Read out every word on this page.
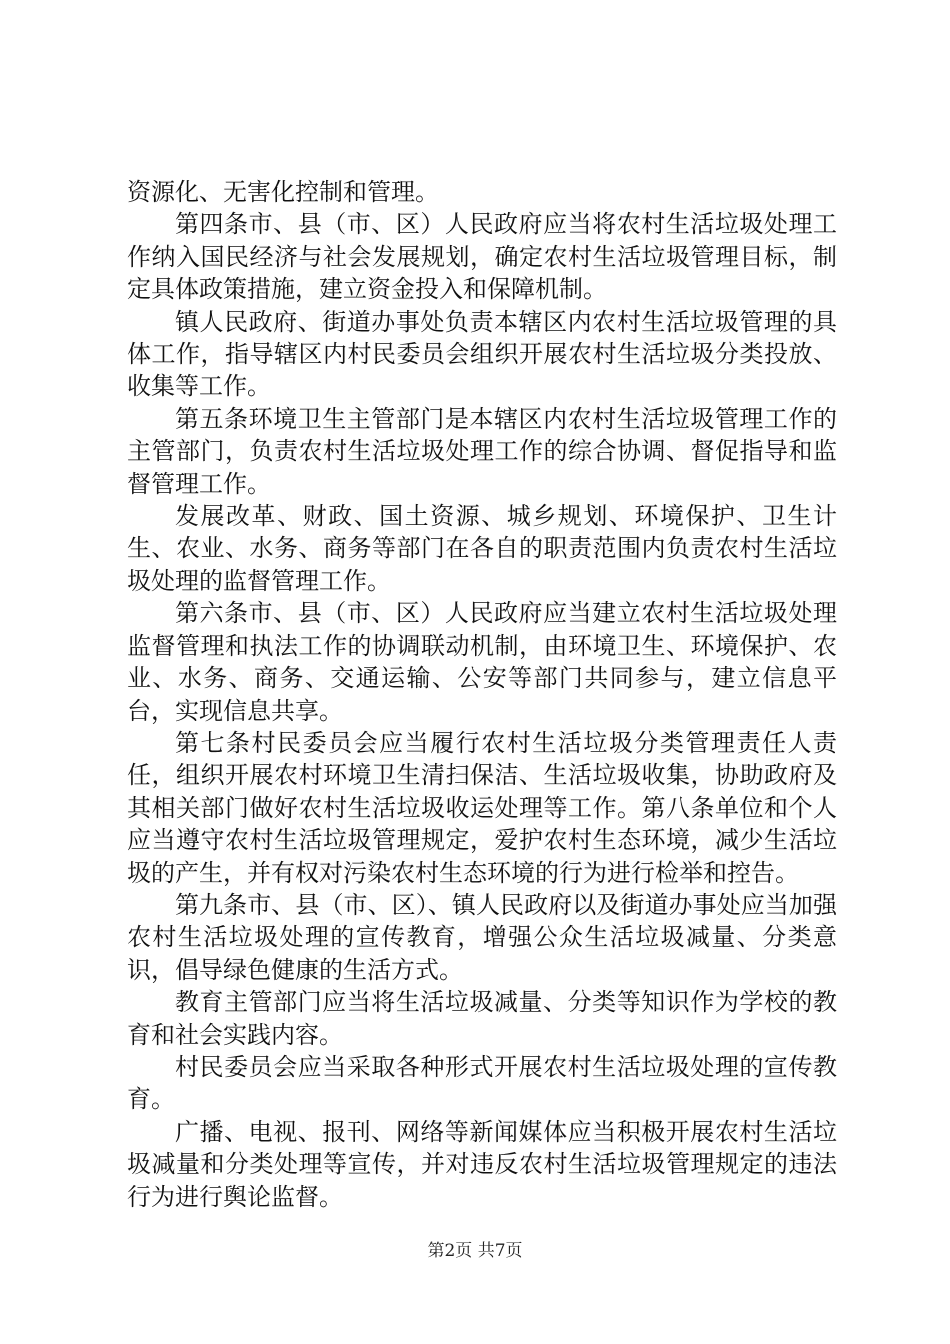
资源化、无害化控制和管理。

第四条市、县（市、区）人民政府应当将农村生活垃圾处理工作纳入国民经济与社会发展规划，确定农村生活垃圾管理目标，制定具体政策措施，建立资金投入和保障机制。

镇人民政府、街道办事处负责本辖区内农村生活垃圾管理的具体工作，指导辖区内村民委员会组织开展农村生活垃圾分类投放、收集等工作。

第五条环境卫生主管部门是本辖区内农村生活垃圾管理工作的主管部门，负责农村生活垃圾处理工作的综合协调、督促指导和监督管理工作。

发展改革、财政、国土资源、城乡规划、环境保护、卫生计生、农业、水务、商务等部门在各自的职责范围内负责农村生活垃圾处理的监督管理工作。

第六条市、县（市、区）人民政府应当建立农村生活垃圾处理监督管理和执法工作的协调联动机制，由环境卫生、环境保护、农业、水务、商务、交通运输、公安等部门共同参与，建立信息平台，实现信息共享。

第七条村民委员会应当履行农村生活垃圾分类管理责任人责任，组织开展农村环境卫生清扫保洁、生活垃圾收集，协助政府及其相关部门做好农村生活垃圾收运处理等工作。第八条单位和个人应当遵守农村生活垃圾管理规定，爱护农村生态环境，减少生活垃圾的产生，并有权对污染农村生态环境的行为进行检举和控告。

第九条市、县（市、区）、镇人民政府以及街道办事处应当加强农村生活垃圾处理的宣传教育，增强公众生活垃圾减量、分类意识，倡导绿色健康的生活方式。

教育主管部门应当将生活垃圾减量、分类等知识作为学校的教育和社会实践内容。

村民委员会应当采取各种形式开展农村生活垃圾处理的宣传教育。

广播、电视、报刊、网络等新闻媒体应当积极开展农村生活垃圾减量和分类处理等宣传，并对违反农村生活垃圾管理规定的违法行为进行舆论监督。

第2页 共7页
